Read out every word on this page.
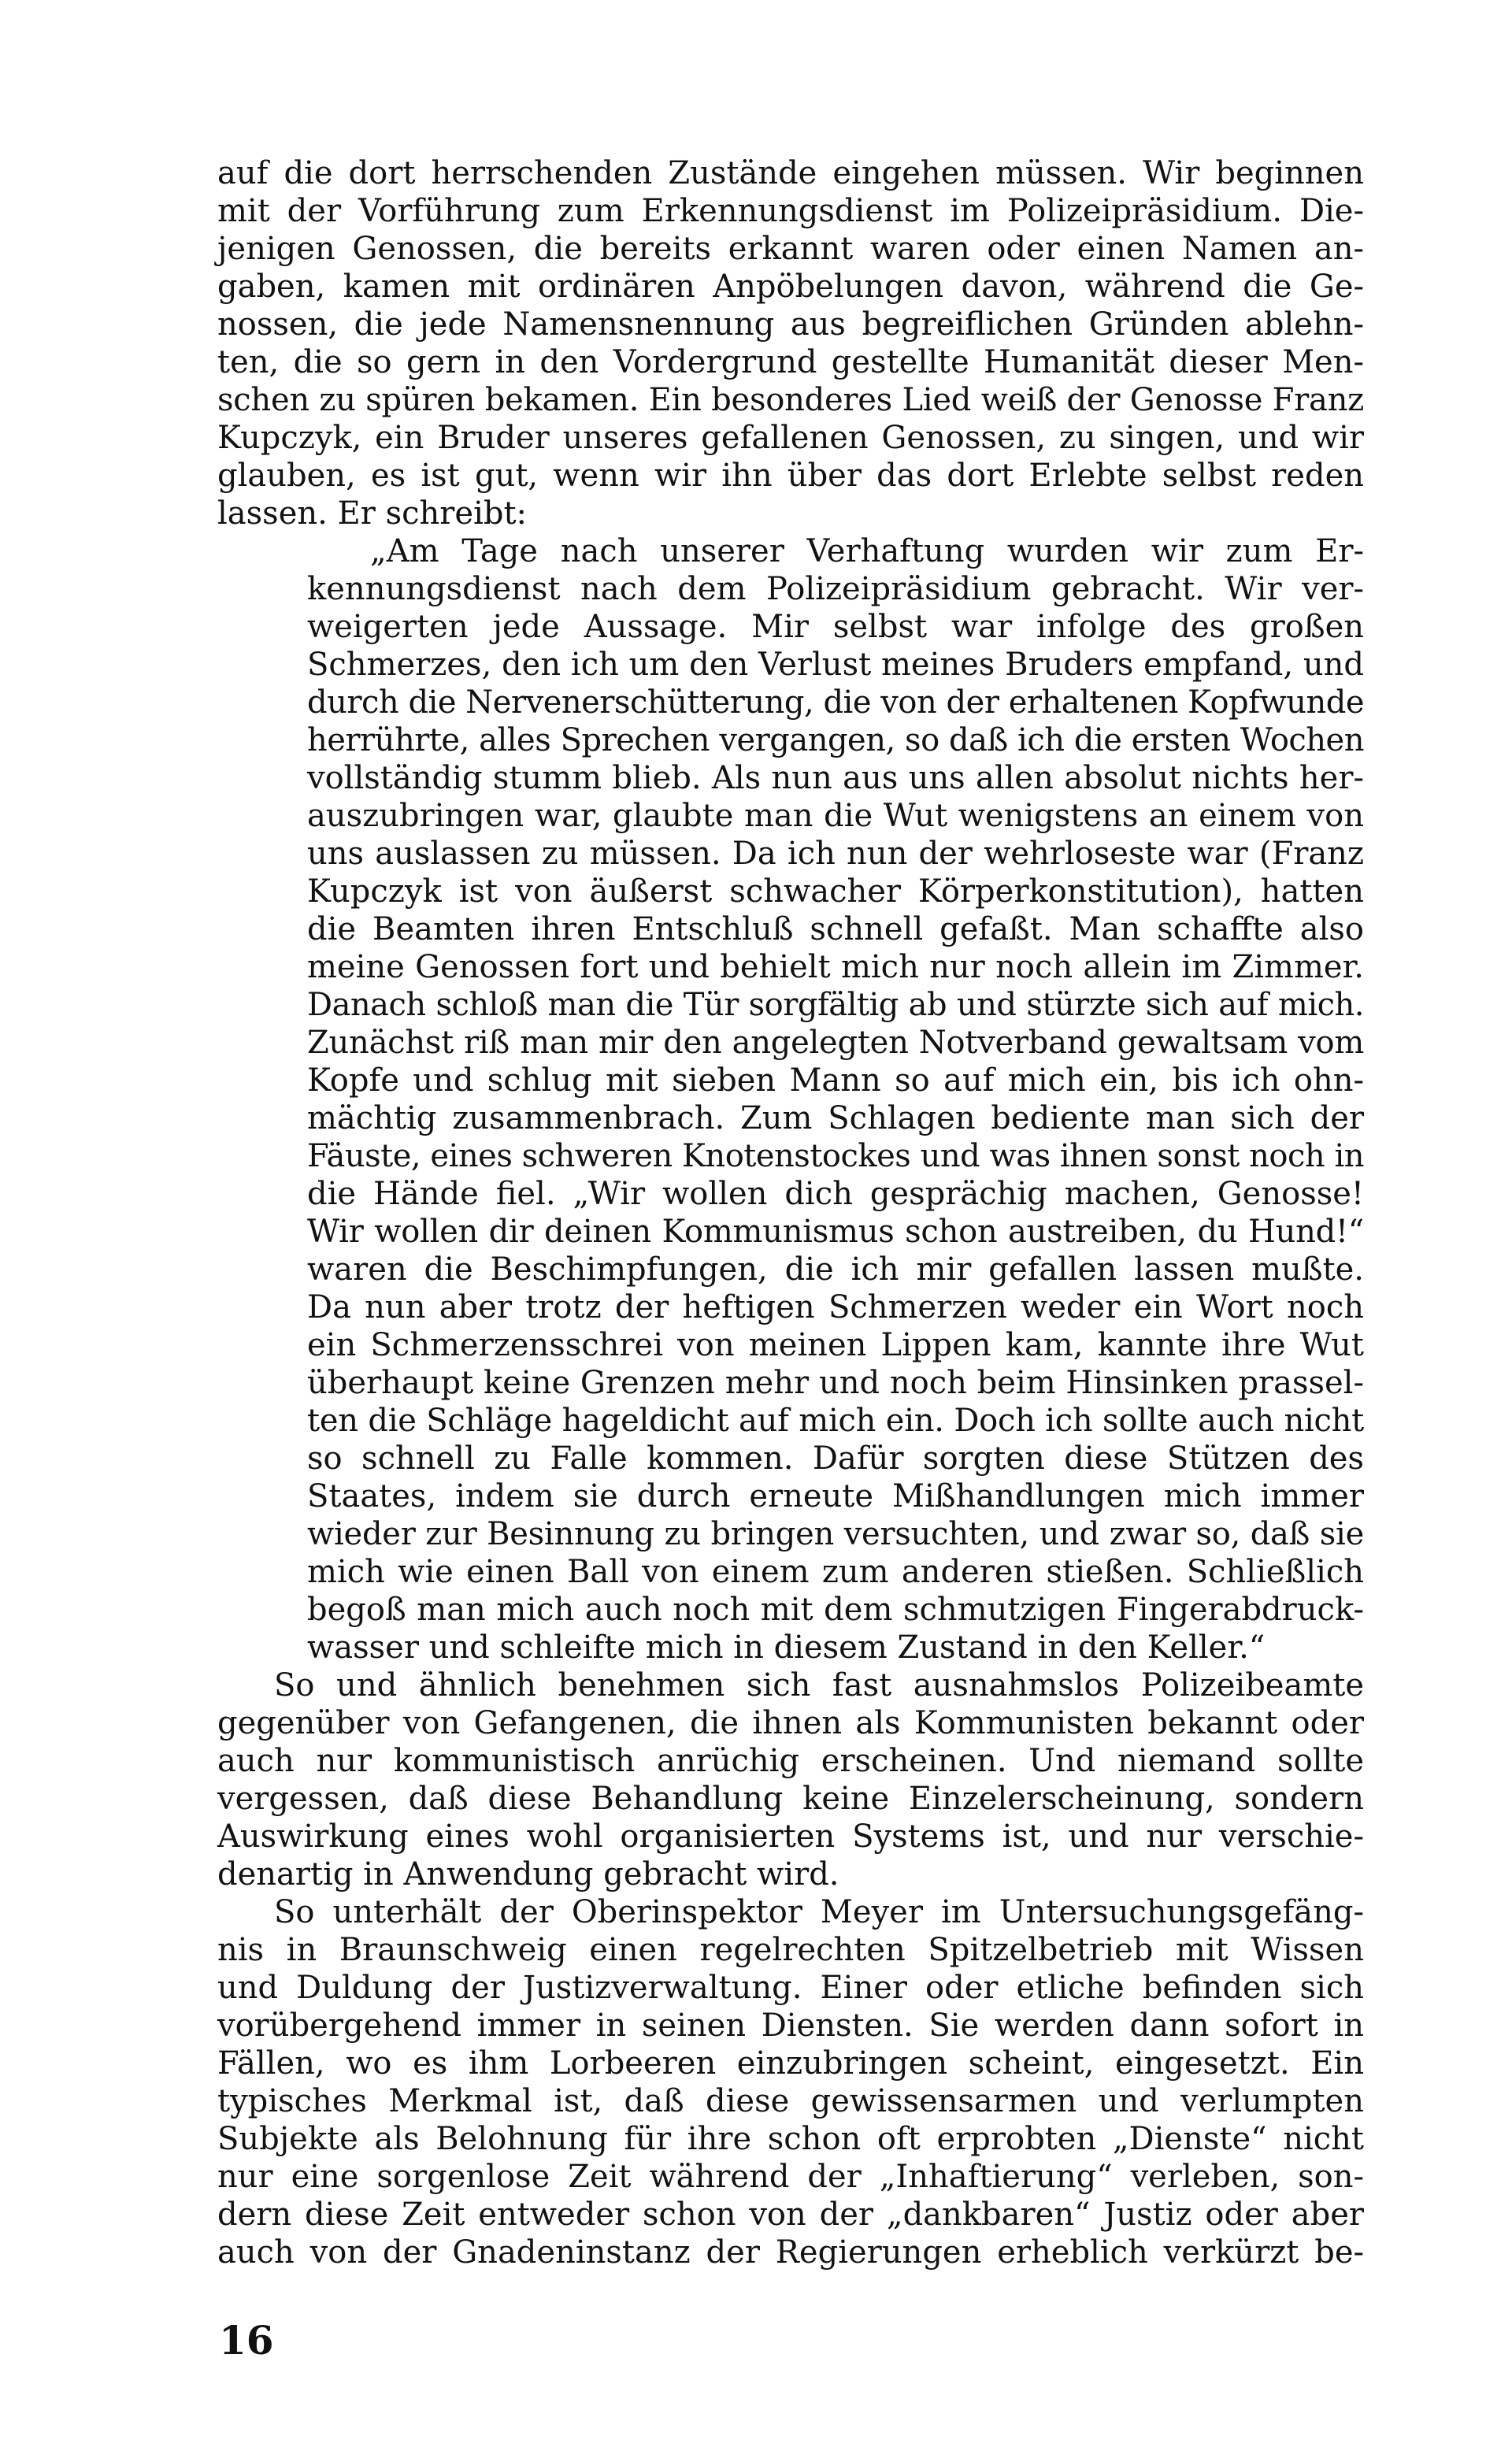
auf die dort herrschenden Zustände eingehen müssen. Wir beginnen

mit der Vorführung zum Erkennungsdienst im Polizeipräsidium. Die-

jenigen Genossen, die bereits erkannt waren oder einen Namen an-

gaben, kamen mit ordinären Anpöbelungen davon, während die Ge-

nossen, die jede Namensnennung aus begreiflichen Gründen ablehn-

ten, die so gern in den Vordergrund gestellte Humanität dieser Men-

schen zu spüren bekamen. Ein besonderes Lied weiß der Genosse Franz

Kupczyk, ein Bruder unseres gefallenen Genossen, zu singen, und wir

glauben, es ist gut, wenn wir ihn über das dort Erlebte selbst reden

lassen. Er schreibt:

„Am Tage nach unserer Verhaftung wurden wir zum Er-

kennungsdienst nach dem Polizeipräsidium gebracht. Wir ver-

weigerten jede Aussage. Mir selbst war infolge des großen

Schmerzes, den ich um den Verlust meines Bruders empfand, und

durch die Nervenerschütterung, die von der erhaltenen Kopfwunde

herrührte, alles Sprechen vergangen, so daß ich die ersten Wochen

vollständig stumm blieb. Als nun aus uns allen absolut nichts her-

auszubringen war, glaubte man die Wut wenigstens an einem von

uns auslassen zu müssen. Da ich nun der wehrloseste war (Franz

Kupczyk ist von äußerst schwacher Körperkonstitution), hatten

die Beamten ihren Entschluß schnell gefaßt. Man schaffte also

meine Genossen fort und behielt mich nur noch allein im Zimmer.

Danach schloß man die Tür sorgfältig ab und stürzte sich auf mich.

Zunächst riß man mir den angelegten Notverband gewaltsam vom

Kopfe und schlug mit sieben Mann so auf mich ein, bis ich ohn-

mächtig zusammenbrach. Zum Schlagen bediente man sich der

Fäuste, eines schweren Knotenstockes und was ihnen sonst noch in

die Hände fiel. „Wir wollen dich gesprächig machen, Genosse!

Wir wollen dir deinen Kommunismus schon austreiben, du Hund!“

waren die Beschimpfungen, die ich mir gefallen lassen mußte.

Da nun aber trotz der heftigen Schmerzen weder ein Wort noch

ein Schmerzensschrei von meinen Lippen kam, kannte ihre Wut

überhaupt keine Grenzen mehr und noch beim Hinsinken prassel-

ten die Schläge hageldicht auf mich ein. Doch ich sollte auch nicht

so schnell zu Falle kommen. Dafür sorgten diese Stützen des

Staates, indem sie durch erneute Mißhandlungen mich immer

wieder zur Besinnung zu bringen versuchten, und zwar so, daß sie

mich wie einen Ball von einem zum anderen stießen. Schließlich

begoß man mich auch noch mit dem schmutzigen Fingerabdruck-

wasser und schleifte mich in diesem Zustand in den Keller.“

So und ähnlich benehmen sich fast ausnahmslos Polizeibeamte

gegenüber von Gefangenen, die ihnen als Kommunisten bekannt oder

auch nur kommunistisch anrüchig erscheinen. Und niemand sollte

vergessen, daß diese Behandlung keine Einzelerscheinung, sondern

Auswirkung eines wohl organisierten Systems ist, und nur verschie-

denartig in Anwendung gebracht wird.

So unterhält der Oberinspektor Meyer im Untersuchungsgefäng-

nis in Braunschweig einen regelrechten Spitzelbetrieb mit Wissen

und Duldung der Justizverwaltung. Einer oder etliche befinden sich

vorübergehend immer in seinen Diensten. Sie werden dann sofort in

Fällen, wo es ihm Lorbeeren einzubringen scheint, eingesetzt. Ein

typisches Merkmal ist, daß diese gewissensarmen und verlumpten

Subjekte als Belohnung für ihre schon oft erprobten „Dienste“ nicht

nur eine sorgenlose Zeit während der „Inhaftierung“ verleben, son-

dern diese Zeit entweder schon von der „dankbaren“ Justiz oder aber

auch von der Gnadeninstanz der Regierungen erheblich verkürzt be-

16
